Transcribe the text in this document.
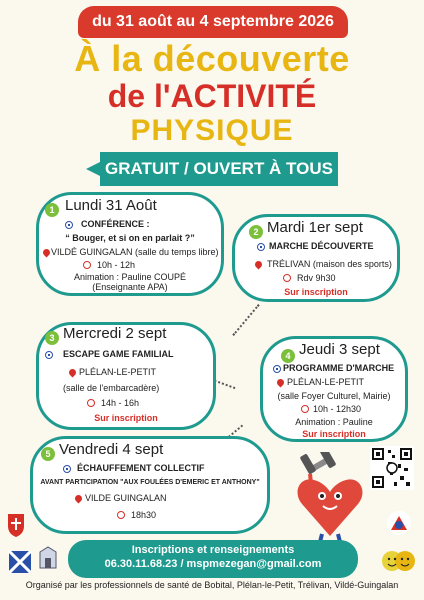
du 31 août au 4 septembre 2026
À la découverte
de l'ACTIVITÉ
PHYSIQUE
GRATUIT / OUVERT À TOUS
1 Lundi 31 Août
CONFÉRENCE :
“ Bouger, et si on en parlait ?”
VILDÉ GUINGALAN (salle du temps libre)
10h - 12h
Animation : Pauline COUPÉ
(Enseignante APA)
2 Mardi 1er sept
MARCHE DÉCOUVERTE
TRÉLIVAN (maison des sports)
Rdv 9h30
Sur inscription
3 Mercredi 2 sept
ESCAPE GAME FAMILIAL
PLÉLAN-LE-PETIT
(salle de l'embarcadère)
14h - 16h
Sur inscription
4 Jeudi 3 sept
PROGRAMME D'MARCHE
PLÉLAN-LE-PETIT
(salle Foyer Culturel, Mairie)
10h - 12h30
Animation : Pauline
Sur inscription
5 Vendredi 4 sept
ÉCHAUFFEMENT COLLECTIF
AVANT PARTICIPATION "AUX FOULÉES D'EMERIC ET ANTHONY"
VILDE GUINGALAN
18h30
Inscriptions et renseignements
06.30.11.68.23 / mspmezegan@gmail.com
Organisé par les professionnels de santé de Bobital, Plélan-le-Petit, Trélivan, Vildé-Guingalan
